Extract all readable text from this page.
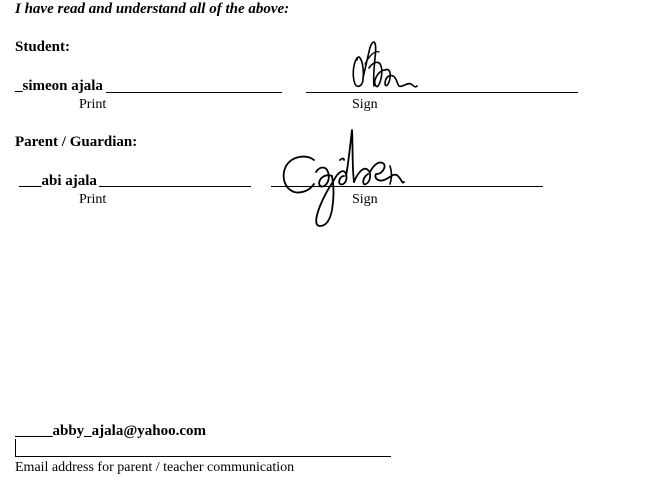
I have read and understand all of the above:
Student:
_simeon ajala
Print	Sign
Parent / Guardian:
___abi ajala
Print	Sign
_____abby_ajala@yahoo.com
Email address for parent / teacher communication
